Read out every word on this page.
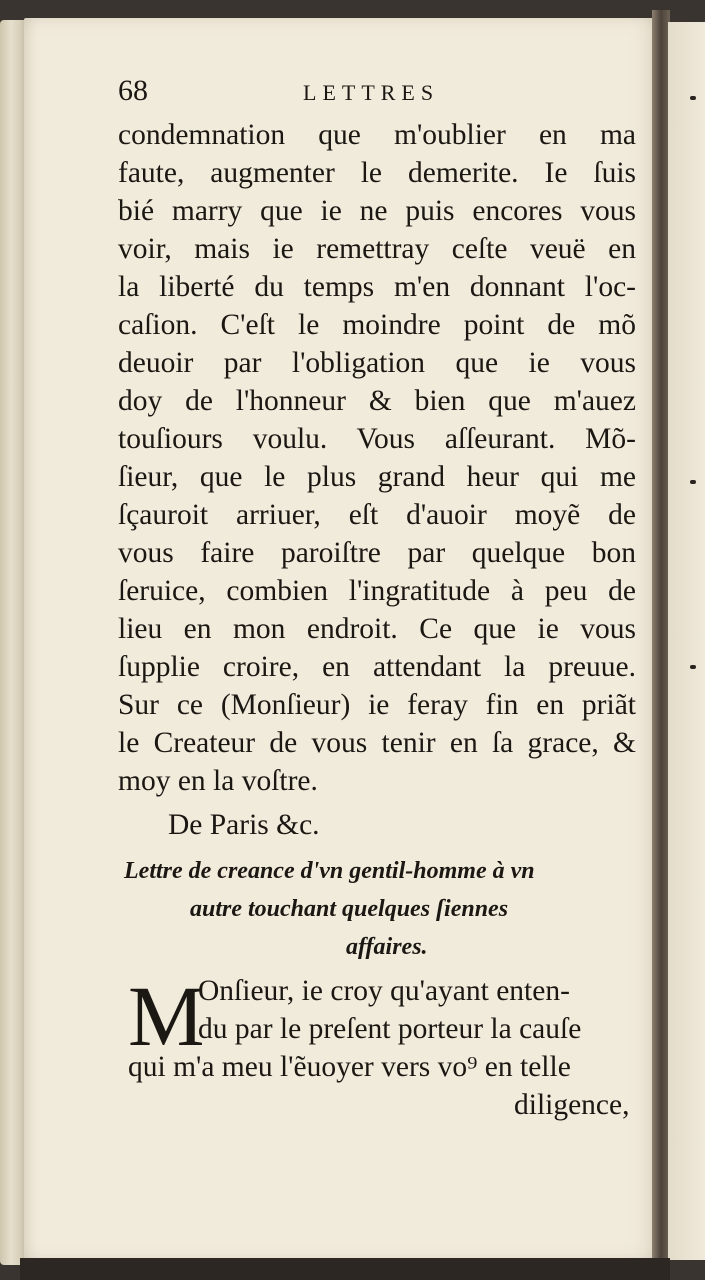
68	LETTRES
condemnation que m'oublier en ma
faute, augmenter le demerite. Ie ſuis
bié marry que ie ne puis encores vous
voir, mais ie remettray ceſte veuë en
la liberté du temps m'en donnant l'oc-
caſion. C'eſt le moindre point de mõ
deuoir par l'obligation que ie vous
doy de l'honneur & bien que m'auez
touſiours voulu. Vous aſſeurant. Mõ-
ſieur, que le plus grand heur qui me
ſçauroit arriuer, eſt d'auoir moyẽ de
vous faire paroiſtre par quelque bon
ſeruice, combien l'ingratitude à peu de
lieu en mon endroit. Ce que ie vous
ſupplie croire, en attendant la preuue.
Sur ce (Monſieur) ie feray fin en priãt
le Createur de vous tenir en ſa grace, &
moy en la voſtre.
De Paris &c.
Lettre de creance d'vn gentil-homme à vn
autre touchant quelques ſiennes
affaires.
M
Onſieur, ie croy qu'ayant enten-
du par le preſent porteur la cauſe
qui m'a meu l'ẽuoyer vers vo⁹ en telle
diligence,
